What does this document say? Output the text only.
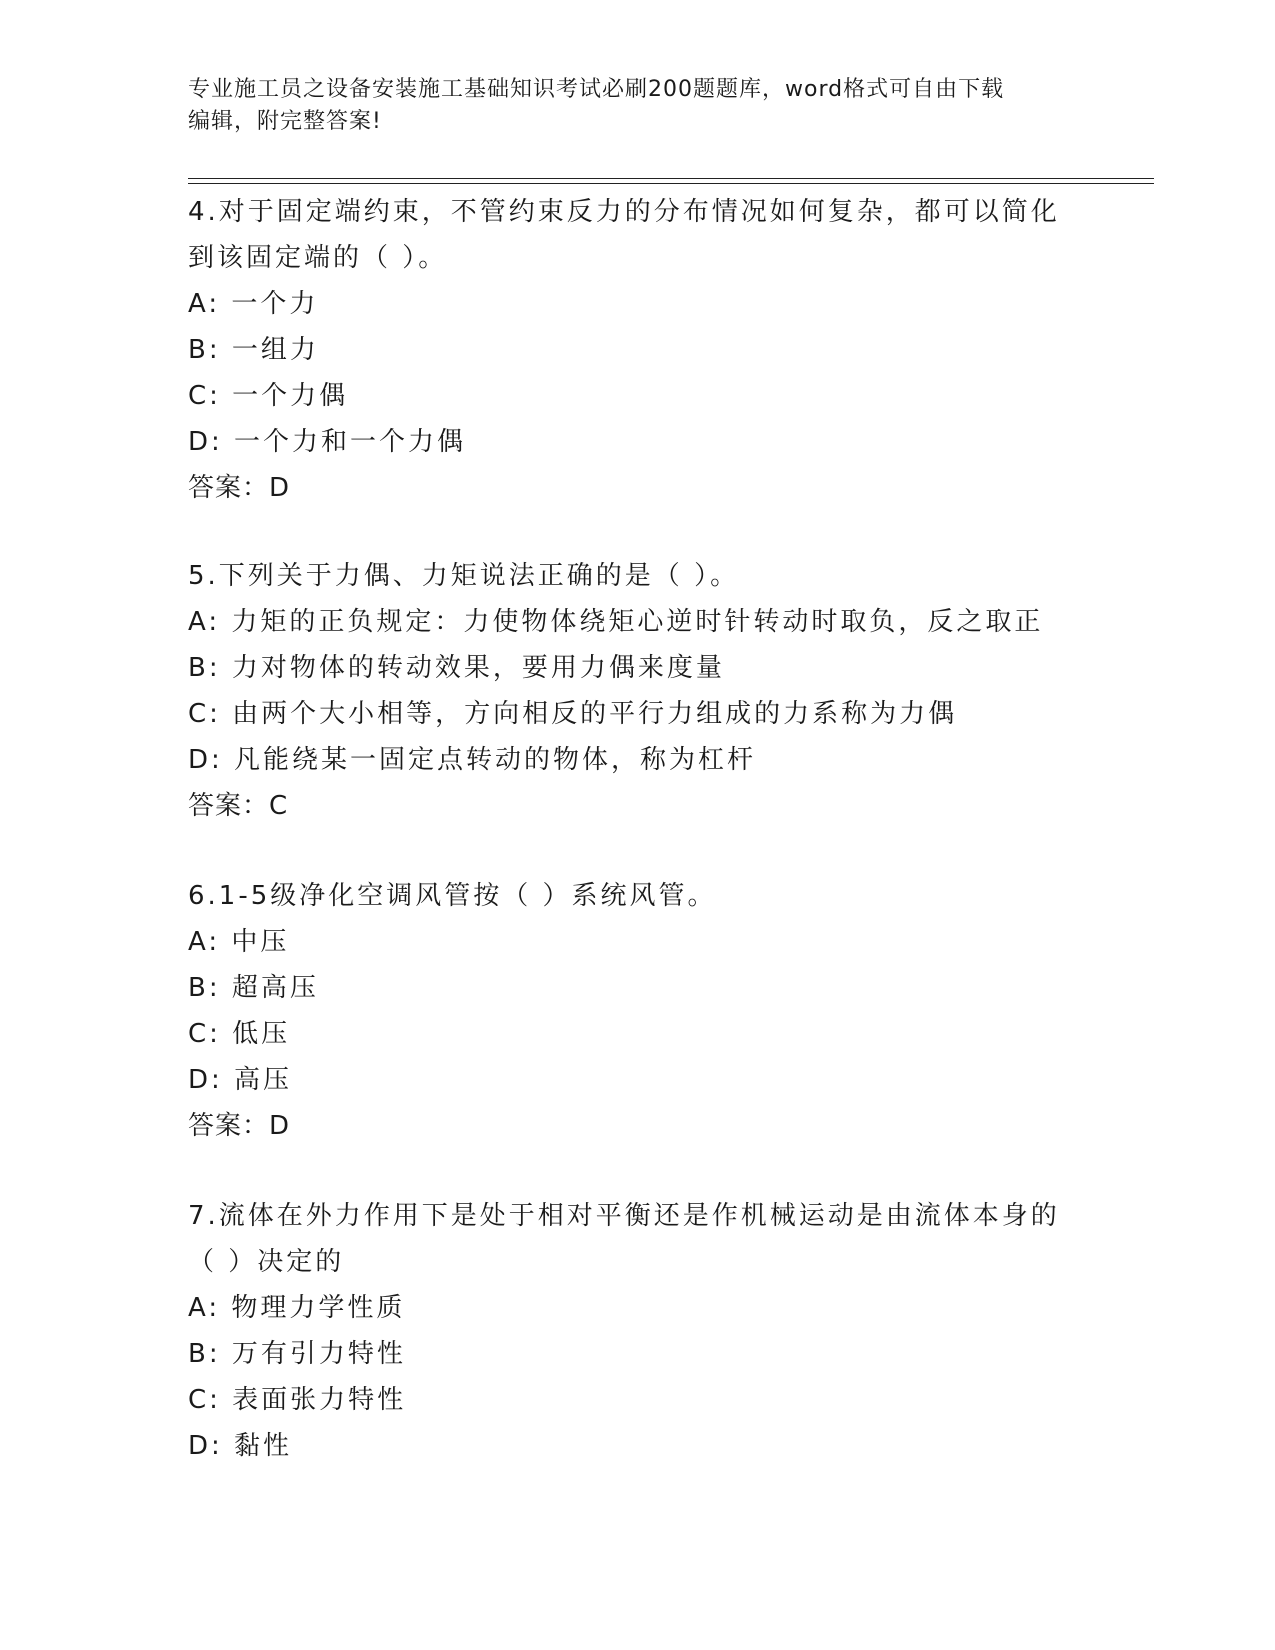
专业施工员之设备安装施工基础知识考试必刷200题题库，word格式可自由下载
编辑，附完整答案!
4.对于固定端约束，不管约束反力的分布情况如何复杂，都可以简化
到该固定端的（ ）。
A: 一个力
B: 一组力
C: 一个力偶
D: 一个力和一个力偶
答案：D
5.下列关于力偶、力矩说法正确的是（ ）。
A: 力矩的正负规定：力使物体绕矩心逆时针转动时取负，反之取正
B: 力对物体的转动效果，要用力偶来度量
C: 由两个大小相等，方向相反的平行力组成的力系称为力偶
D: 凡能绕某一固定点转动的物体，称为杠杆
答案：C
6.1-5级净化空调风管按（ ）系统风管。
A: 中压
B: 超高压
C: 低压
D: 高压
答案：D
7.流体在外力作用下是处于相对平衡还是作机械运动是由流体本身的
（ ）决定的
A: 物理力学性质
B: 万有引力特性
C: 表面张力特性
D: 黏性
